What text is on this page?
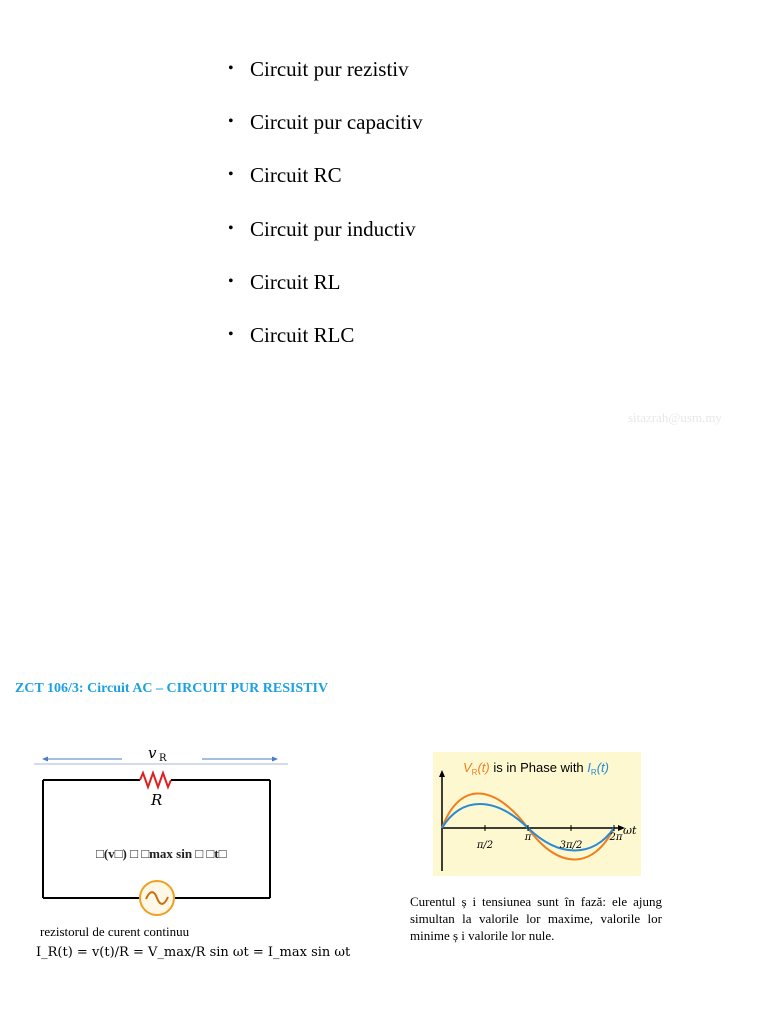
• Circuit pur rezistiv
• Circuit pur capacitiv
• Circuit RC
• Circuit pur inductiv
• Circuit RL
• Circuit RLC
sitazrah@usm.my
ZCT 106/3: Circuit AC – CIRCUIT PUR RESISTIV
v R
R
□(v□) □ □max sin □ □t□
rezistorul de curent continuu
I_R(t) = v(t)/R = V_max/R sin ωt = I_max sin ωt
$V_R(t)$ is in Phase with $I_R(t)$
ωt
π/2
π
3π/2
2π
Curentul ș i tensiunea sunt în fază: ele ajung simultan la valorile lor maxime, valorile lor minime ș i valorile lor nule.
